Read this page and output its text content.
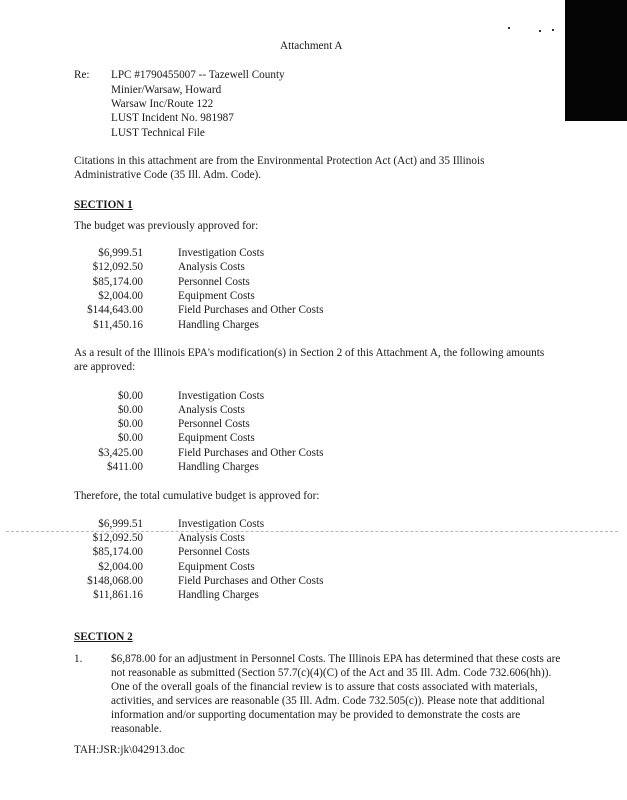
Attachment A
Re: LPC #1790455007 -- Tazewell County
Minier/Warsaw, Howard
Warsaw Inc/Route 122
LUST Incident No. 981987
LUST Technical File
Citations in this attachment are from the Environmental Protection Act (Act) and 35 Illinois Administrative Code (35 Ill. Adm. Code).
SECTION 1
The budget was previously approved for:
$6,999.51	Investigation Costs
$12,092.50	Analysis Costs
$85,174.00	Personnel Costs
$2,004.00	Equipment Costs
$144,643.00	Field Purchases and Other Costs
$11,450.16	Handling Charges
As a result of the Illinois EPA's modification(s) in Section 2 of this Attachment A, the following amounts are approved:
$0.00	Investigation Costs
$0.00	Analysis Costs
$0.00	Personnel Costs
$0.00	Equipment Costs
$3,425.00	Field Purchases and Other Costs
$411.00	Handling Charges
Therefore, the total cumulative budget is approved for:
$6,999.51	Investigation Costs
$12,092.50	Analysis Costs
$85,174.00	Personnel Costs
$2,004.00	Equipment Costs
$148,068.00	Field Purchases and Other Costs
$11,861.16	Handling Charges
SECTION 2
1.	$6,878.00 for an adjustment in Personnel Costs. The Illinois EPA has determined that these costs are not reasonable as submitted (Section 57.7(c)(4)(C) of the Act and 35 Ill. Adm. Code 732.606(hh)). One of the overall goals of the financial review is to assure that costs associated with materials, activities, and services are reasonable (35 Ill. Adm. Code 732.505(c)). Please note that additional information and/or supporting documentation may be provided to demonstrate the costs are reasonable.
TAH:JSR:jk\042913.doc
